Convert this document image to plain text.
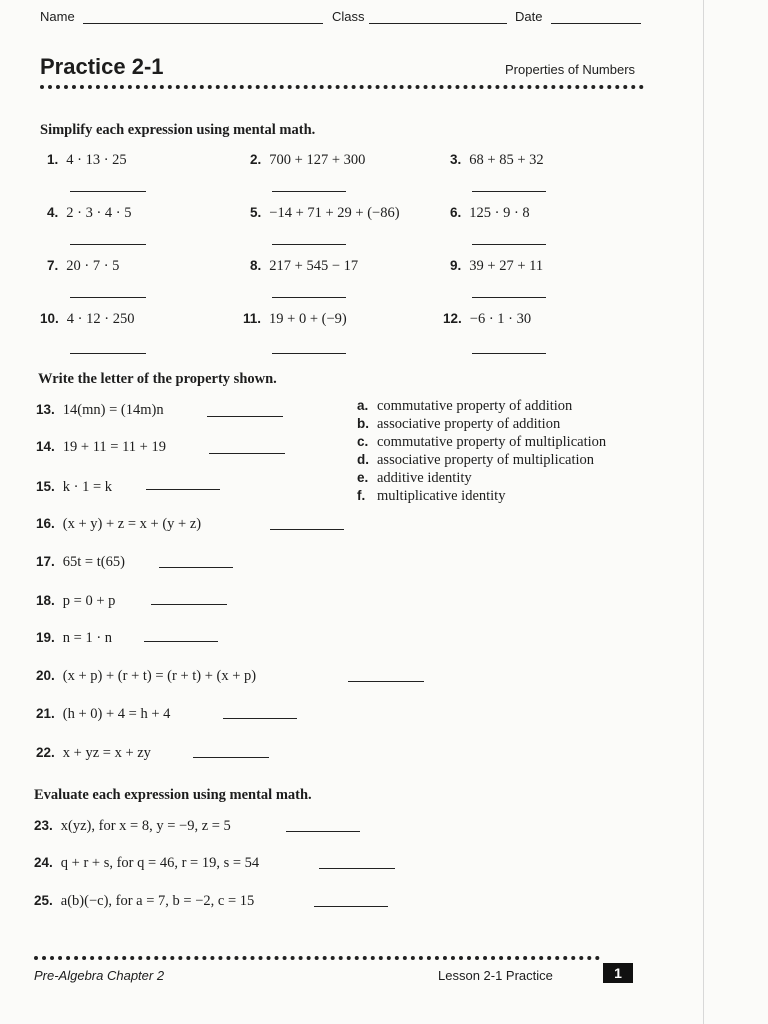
Name	Class	Date
Practice 2-1	Properties of Numbers
Simplify each expression using mental math.
1. 4 · 13 · 25	2. 700 + 127 + 300	3. 68 + 85 + 32
4. 2 · 3 · 4 · 5	5. −14 + 71 + 29 + (−86)	6. 125 · 9 · 8
7. 20 · 7 · 5	8. 217 + 545 − 17	9. 39 + 27 + 11
10. 4 · 12 · 250	11. 19 + 0 + (−9)	12. −6 · 1 · 30
Write the letter of the property shown.
13. 14(mn) = (14m)n
14. 19 + 11 = 11 + 19
15. k · 1 = k
16. (x + y) + z = x + (y + z)
17. 65t = t(65)
18. p = 0 + p
19. n = 1 · n
20. (x + p) + (r + t) = (r + t) + (x + p)
21. (h + 0) + 4 = h + 4
22. x + yz = x + zy
a. commutative property of addition
b. associative property of addition
c. commutative property of multiplication
d. associative property of multiplication
e. additive identity
f. multiplicative identity
Evaluate each expression using mental math.
23. x(yz), for x = 8, y = −9, z = 5
24. q + r + s, for q = 46, r = 19, s = 54
25. a(b)(−c), for a = 7, b = −2, c = 15
Pre-Algebra Chapter 2	Lesson 2-1 Practice	1
